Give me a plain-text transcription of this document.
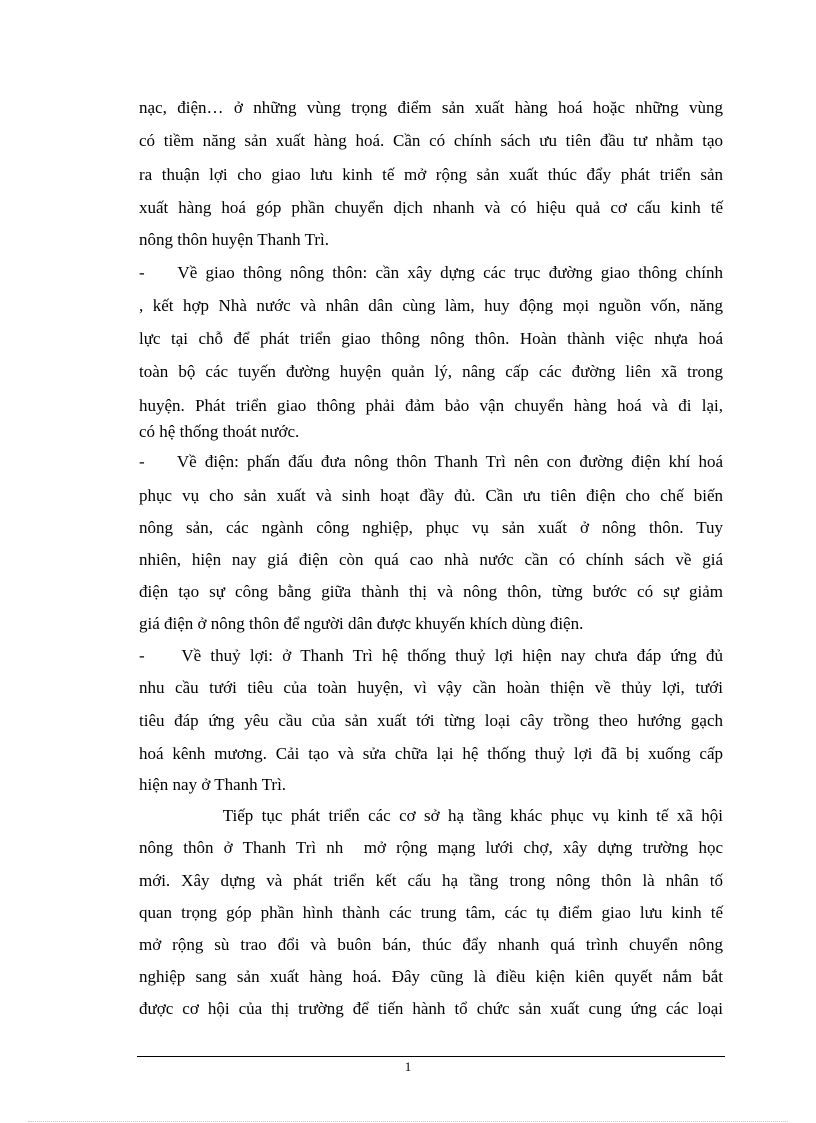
nạc, điện… ở những vùng trọng điểm sản xuất hàng hoá hoặc những vùng
có tiềm năng sản xuất hàng hoá. Cần có chính sách ưu tiên đầu tư nhằm tạo
ra thuận lợi cho giao lưu kinh tế mở rộng sản xuất thúc đẩy phát triển sản
xuất hàng hoá góp phần chuyển dịch nhanh và có hiệu quả cơ cấu kinh tế
nông thôn huyện Thanh Trì.
-    Về giao thông nông thôn: cần xây dựng các trục đường giao thông chính
, kết hợp Nhà nước và nhân dân cùng làm, huy động mọi nguồn vốn, năng
lực tại chỗ để phát triển giao thông nông thôn. Hoàn thành việc nhựa hoá
toàn bộ các tuyến đường huyện quản lý, nâng cấp các đường liên xã trong
huyện. Phát triển giao thông phải đảm bảo vận chuyển hàng hoá và đi lại,
có hệ thống thoát nước.
-    Về điện: phấn đấu đưa nông thôn Thanh Trì nên con đường điện khí hoá
phục vụ cho sản xuất và sinh hoạt đầy đủ. Cần ưu tiên điện cho chế biến
nông sản, các ngành công nghiệp, phục vụ sản xuất ở nông thôn. Tuy
nhiên, hiện nay giá điện còn quá cao nhà nước cần có chính sách về giá
điện tạo sự công bằng giữa thành thị và nông thôn, từng bước có sự giảm
giá điện ở nông thôn để người dân được khuyến khích dùng điện.
-    Về thuỷ lợi: ở Thanh Trì hệ thống thuỷ lợi hiện nay chưa đáp ứng đủ
nhu cầu tưới tiêu của toàn huyện, vì vậy cần hoàn thiện về thủy lợi, tưới
tiêu đáp ứng yêu cầu của sản xuất tới từng loại cây trồng theo hướng gạch
hoá kênh mương. Cải tạo và sửa chữa lại hệ thống thuỷ lợi đã bị xuống cấp
hiện nay ở Thanh Trì.
Tiếp tục phát triển các cơ sở hạ tầng khác phục vụ kinh tế xã hội
nông thôn ở Thanh Trì nh  mở rộng mạng lưới chợ, xây dựng trường học
mới. Xây dựng và phát triển kết cấu hạ tầng trong nông thôn là nhân tố
quan trọng góp phần hình thành các trung tâm, các tụ điểm giao lưu kinh tế
mở rộng sù trao đổi và buôn bán, thúc đẩy nhanh quá trình chuyển nông
nghiệp sang sản xuất hàng hoá. Đây cũng là điều kiện kiên quyết nắm bắt
được cơ hội của thị trường để tiến hành tổ chức sản xuất cung ứng các loại
1
